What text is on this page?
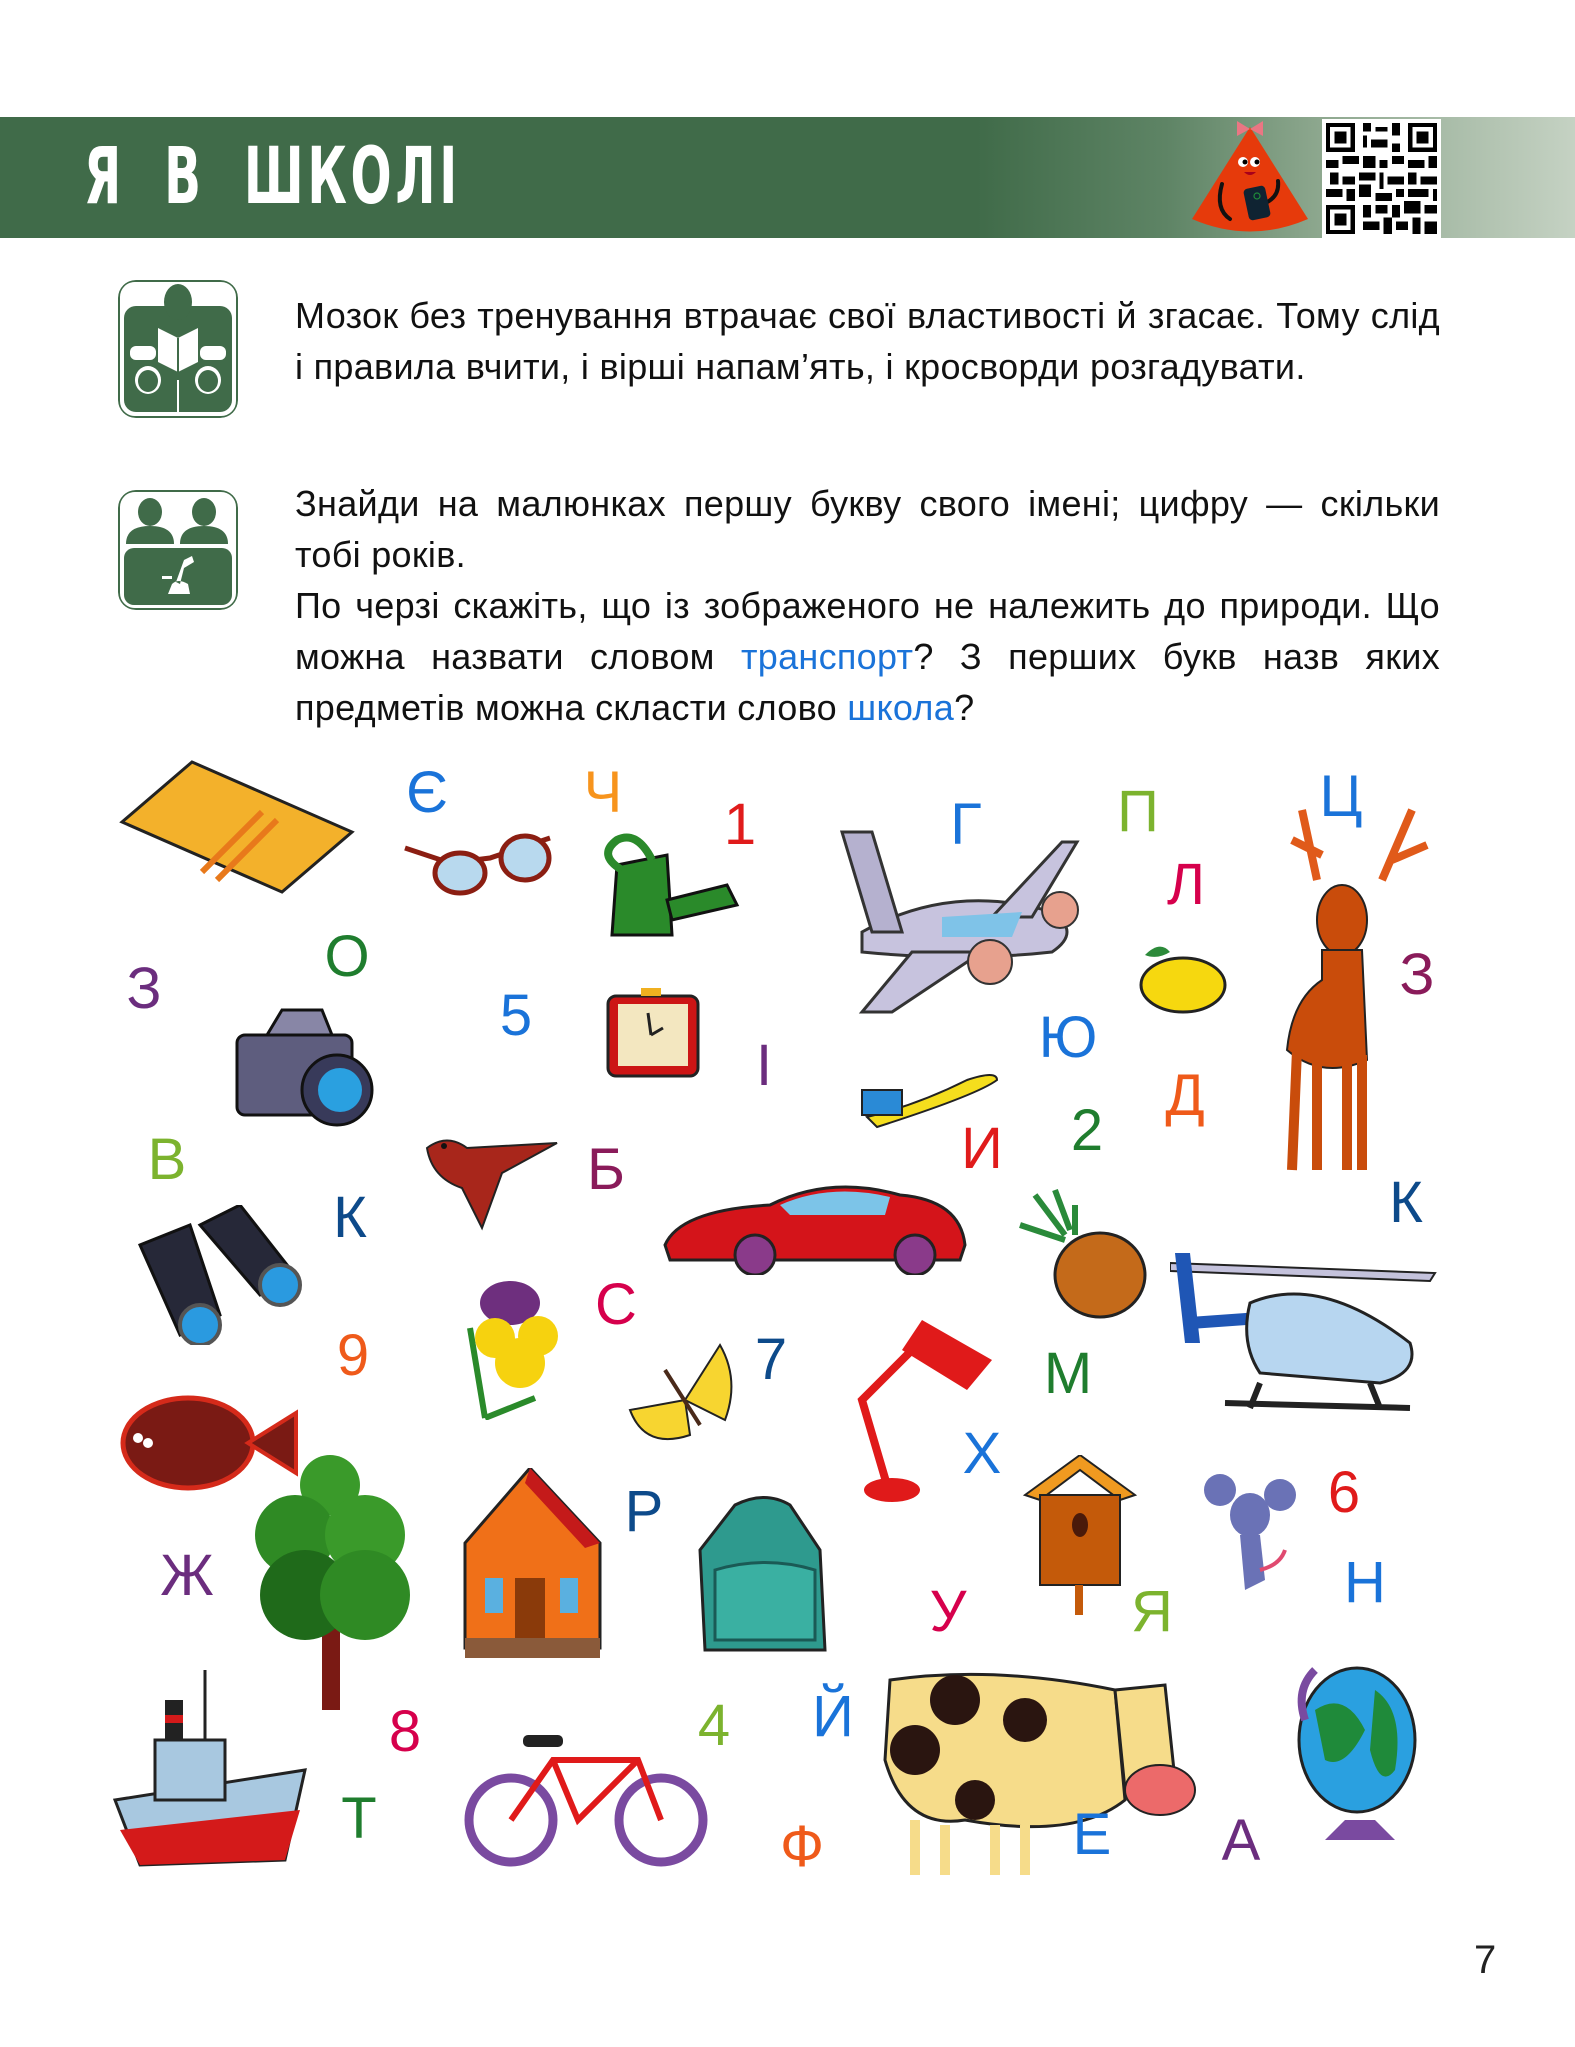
Я В ШКОЛІ
Мозок без тренування втрачає свої властивості й згасає. Тому слід і правила вчити, і вірші напам’ять, і кросворди розгадувати.
Знайди на малюнках першу букву свого імені; цифру — скільки тобі років.
По черзі скажіть, що із зображеного не належить до природи. Що можна назвати словом транспорт? З перших букв назв яких предметів можна скласти слово школа?
Є Ч 1	Г П	Ц
Л
З	О
5
З
Ю
І	Д
2
И
В	Б
К	К
С
9	7	М
Х
6
Р
Ж	Н
У	Я
8	4 Й
Т	Ф	Е А
7
